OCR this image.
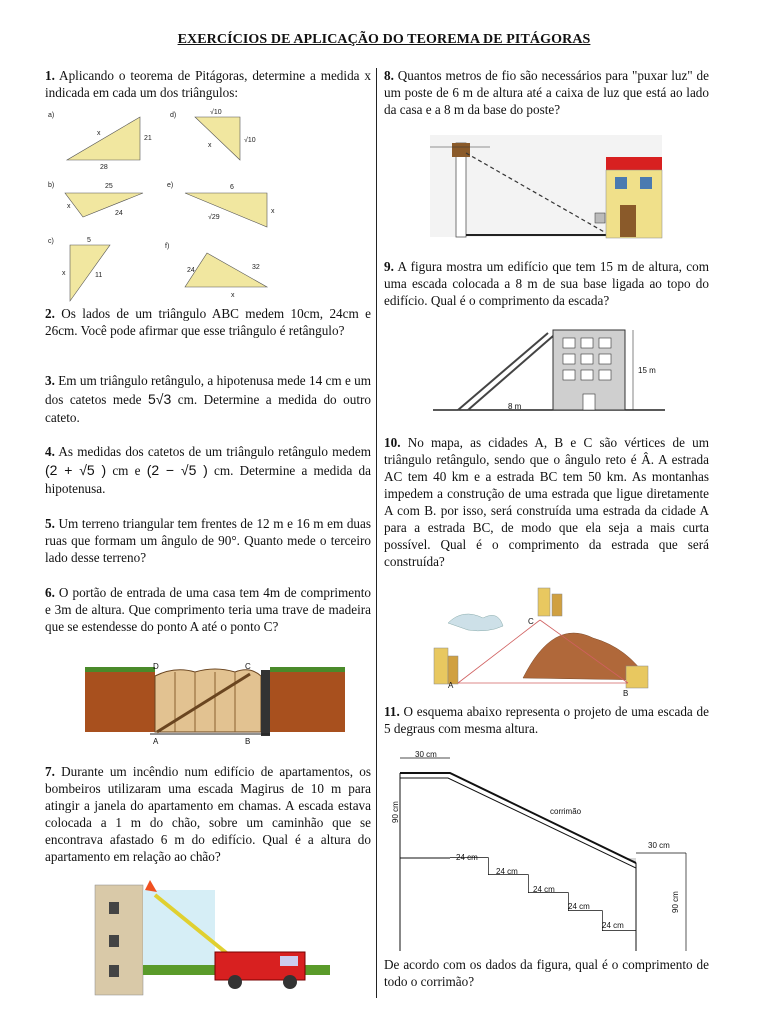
EXERCÍCIOS DE APLICAÇÃO DO TEOREMA DE PITÁGORAS
1. Aplicando o teorema de Pitágoras, determine a medida x indicada em cada um dos triângulos:
a)
x
21
28
d)	√10
√10
x
b)	25
x
24
e)	6
x
√29
c)	5
x	11
f)
24	32
x
2. Os lados de um triângulo ABC medem 10cm, 24cm e 26cm. Você pode afirmar que esse triângulo é retângulo?
3. Em um triângulo retângulo, a hipotenusa mede 14 cm e um dos catetos mede 5√3 cm. Determine a medida do outro cateto.
4. As medidas dos catetos de um triângulo retângulo medem (2 + √5 ) cm e (2 − √5 ) cm. Determine a medida da hipotenusa.
5. Um terreno triangular tem frentes de 12 m e 16 m em duas ruas que formam um ângulo de 90°. Quanto mede o terceiro lado desse terreno?
6. O portão de entrada de uma casa tem 4m de comprimento e 3m de altura. Que comprimento teria uma trave de madeira que se estendesse do ponto A até o ponto C?
D	C
A	B
7. Durante um incêndio num edifício de apartamentos, os bombeiros utilizaram uma escada Magirus de 10 m para atingir a janela do apartamento em chamas. A escada estava colocada a 1 m do chão, sobre um caminhão que se encontrava afastado 6 m do edifício. Qual é a altura do apartamento em relação ao chão?
8. Quantos metros de fio são necessários para "puxar luz" de um poste de 6 m de altura até a caixa de luz que está ao lado da casa e a 8 m da base do poste?
9. A figura mostra um edifício que tem 15 m de altura, com uma escada colocada a 8 m de sua base ligada ao topo do edifício. Qual é o comprimento da escada?
15 m
8 m
10. No mapa, as cidades A, B e C são vértices de um triângulo retângulo, sendo que o ângulo reto é Â. A estrada AC tem 40 km e a estrada BC tem 50 km. As montanhas impedem a construção de uma estrada que ligue diretamente A com B. por isso, será construída uma estrada da cidade A para a estrada BC, de modo que ela seja a mais curta possível. Qual é o comprimento da estrada que será construída?
C
A
B
11. O esquema abaixo representa o projeto de uma escada de 5 degraus com mesma altura.
30 cm
90 cm	corrimão
30 cm
90 cm
24 cm
24 cm
24 cm
24 cm
24 cm
De acordo com os dados da figura, qual é o comprimento de todo o corrimão?
